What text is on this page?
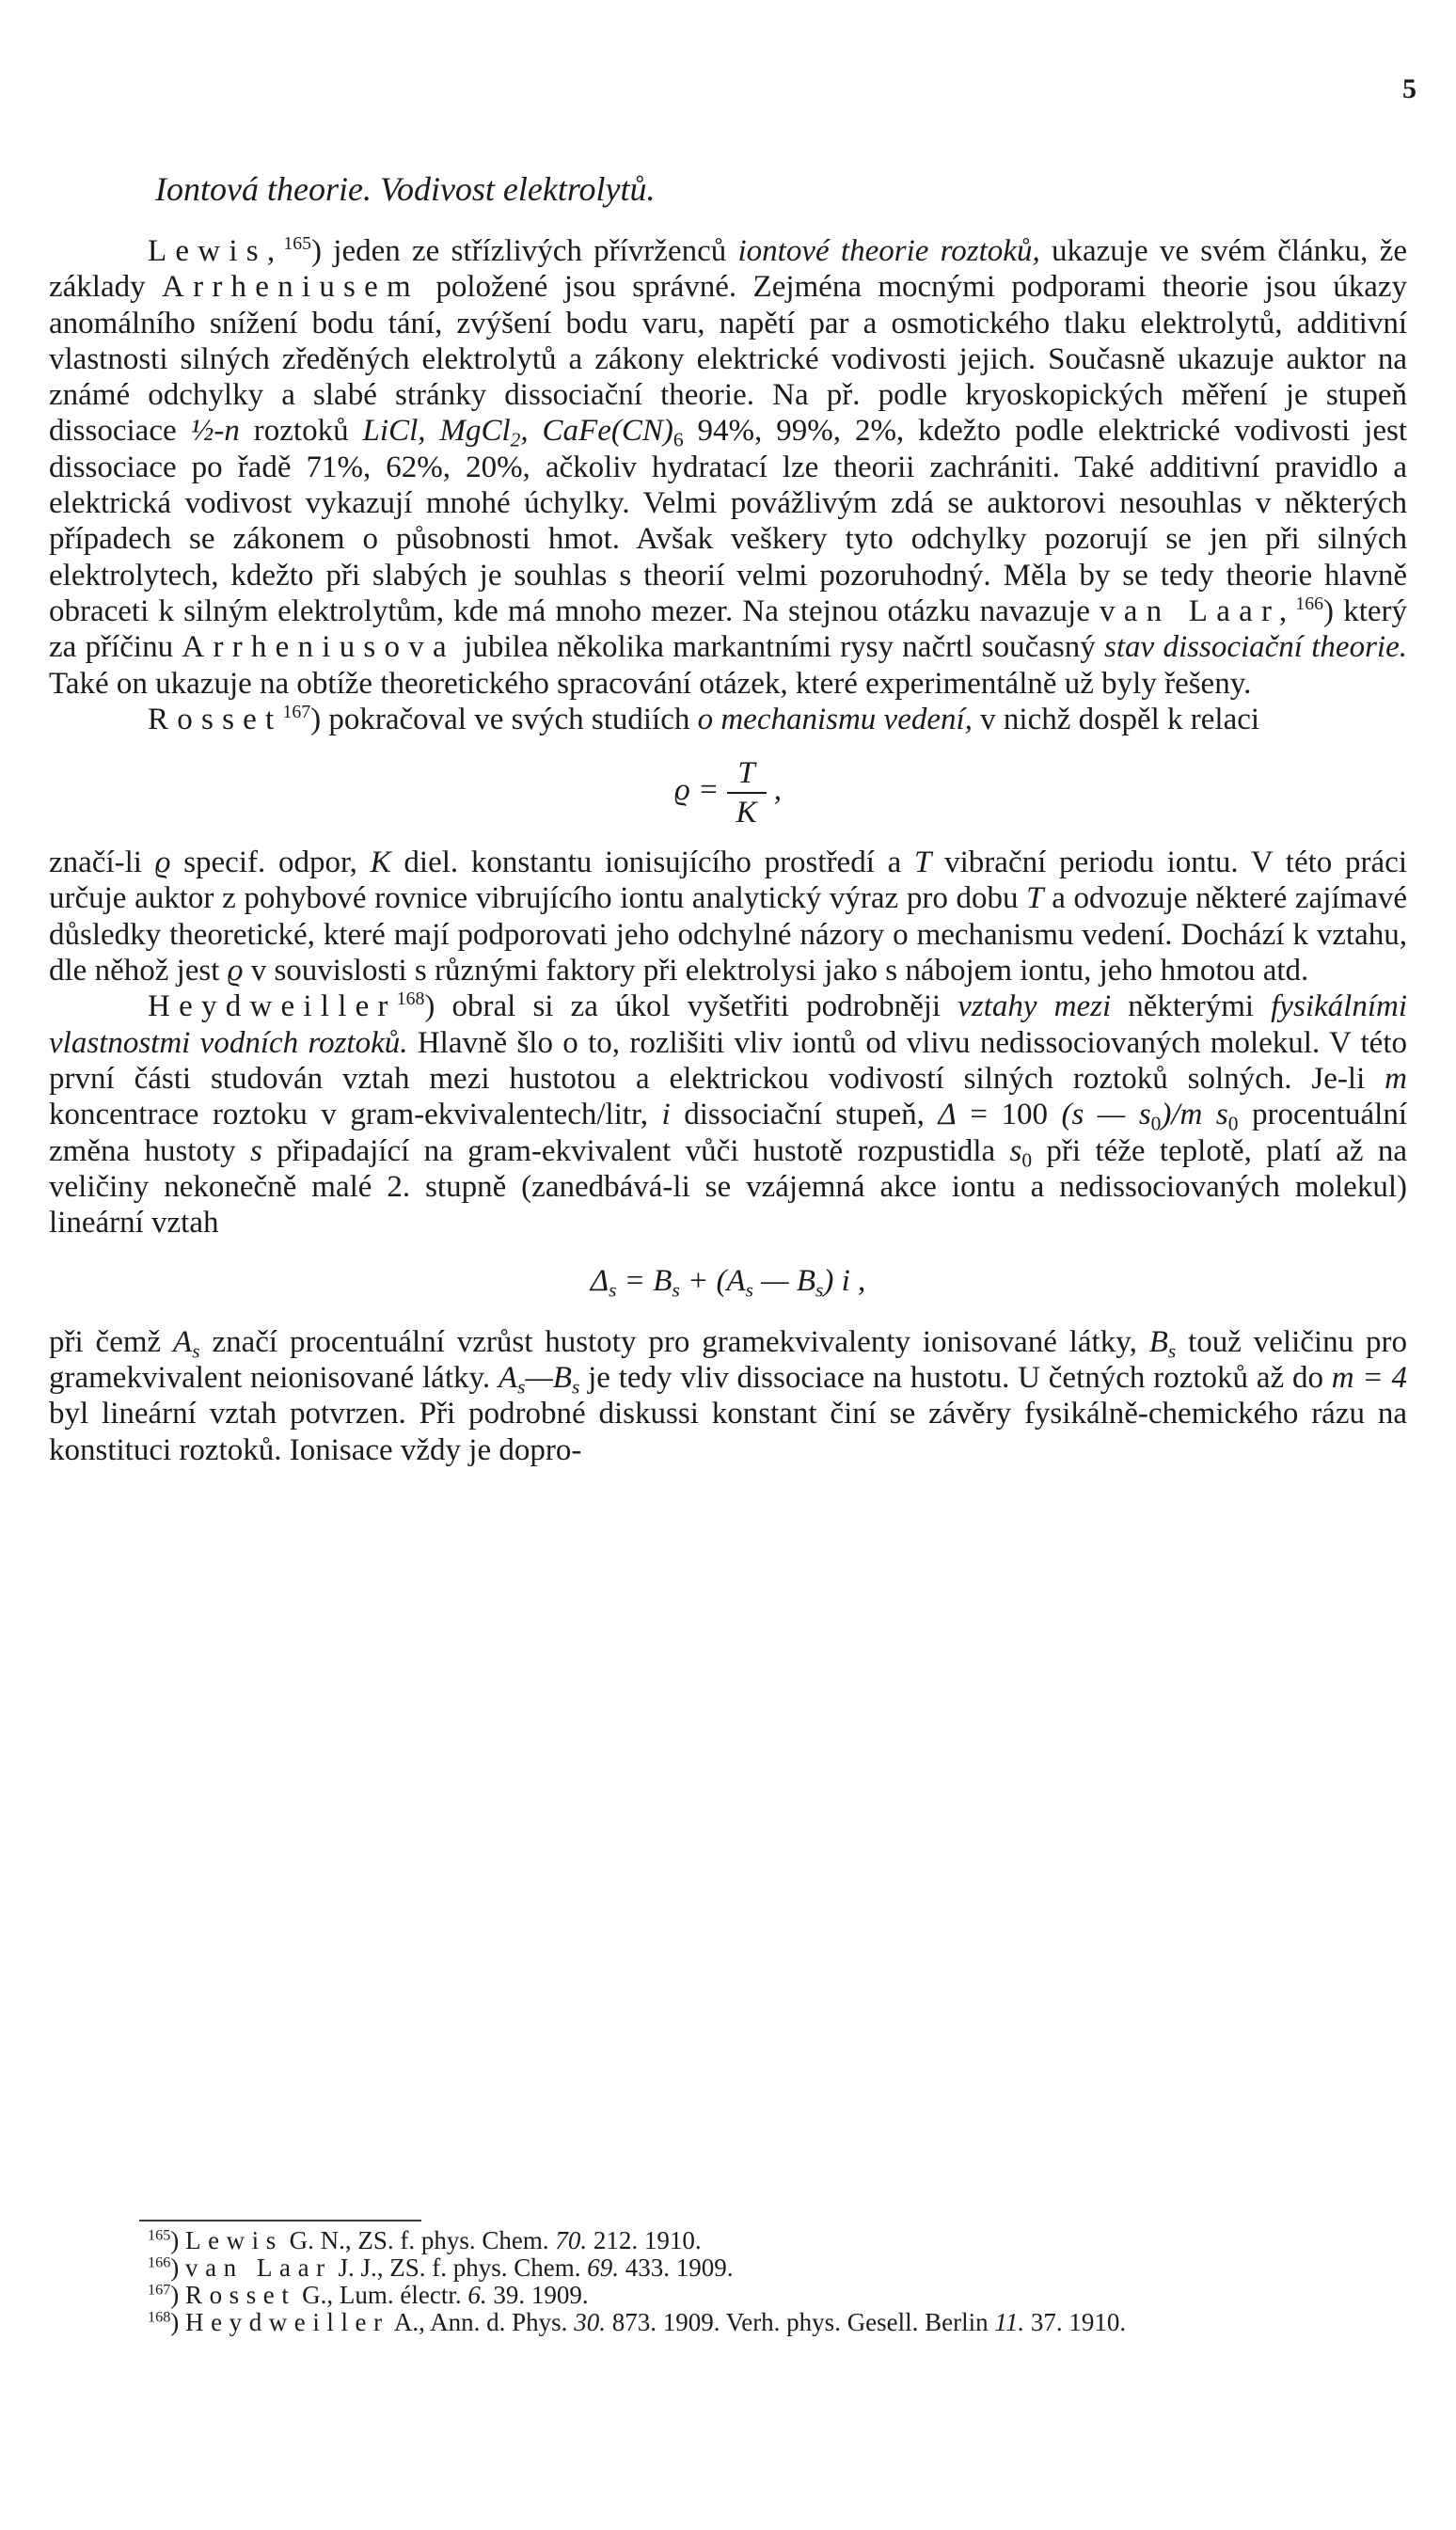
5
Iontová theorie. Vodivost elektrolytů.

Lewis,$^{165}$) jeden ze střízlivých přívrženců iontové theorie roztoků, ukazuje ve svém článku, že základy Arrheniusem položené jsou správné. Zejména mocnými podporami theorie jsou úkazy anomálního snížení bodu tání, zvýšení bodu varu, napětí par a osmotického tlaku elektrolytů, additivní vlastnosti silných zředěných elektrolytů a zákony elektrické vodivosti jejich. Současně ukazuje auktor na známé odchylky a slabé stránky dissociační theorie. Na př. podle kryoskopických měření je stupeň dissociace ½-n roztoků LiCl, MgCl$_2$, $CaFe(CN)_6$ 94%, 99%, 2%, kdežto podle elektrické vodivosti jest dissociace po řadě 71%, 62%, 20%, ačkoliv hydratací lze theorii zachrániti. Také additivní pravidlo a elektrická vodivost vykazují mnohé úchylky. Velmi povážlivým zdá se auktorovi nesouhlas v některých případech se zákonem o působnosti hmot. Avšak veškery tyto odchylky pozorují se jen při silných elektrolytech, kdežto při slabých je souhlas s theorií velmi pozoruhodný. Měla by se tedy theorie hlavně obraceti k silným elektrolytům, kde má mnoho mezer. Na stejnou otázku navazuje van Laar,$^{166}$) který za příčinu Arrheniusova jubilea několika markantními rysy načrtl současný stav dissociační theorie. Také on ukazuje na obtíže theoretického spracování otázek, které experimentálně už byly řešeny.

Rosset$^{167}$) pokračoval ve svých studiích o mechanismu vedení, v nichž dospěl k relaci

$ϱ = \frac{T}{K}$ ,

značí-li ϱ specif. odpor, K diel. konstantu ionisujícího prostředí a T vibrační periodu iontu. V této práci určuje auktor z pohybové rovnice vibrujícího iontu analytický výraz pro dobu T a odvozuje některé zajímavé důsledky theoretické, které mají podporovati jeho odchylné názory o mechanismu vedení. Dochází k vztahu, dle něhož jest ϱ v souvislosti s různými faktory při elektrolysi jako s nábojem iontu, jeho hmotou atd.

Heydweiller$^{168}$) obral si za úkol vyšetřiti podrobněji vztahy mezi některými fysikálními vlastnostmi vodních roztoků. Hlavně šlo o to, rozlišiti vliv iontů od vlivu nedissociovaných molekul. V této první části studován vztah mezi hustotou a elektrickou vodivostí silných roztoků solných. Je-li m koncentrace roztoku v gram-ekvivalentech/litr, i dissociační stupeň, Δ = 100 (s — $s_0)/m$ $s_0$ procentuální změna hustoty s připadající na gram-ekvivalent vůči hustotě rozpustidla $s_0$ při téže teplotě, platí až na veličiny nekonečně malé 2. stupně (zanedbává-li se vzájemná akce iontu a nedissociovaných molekul) lineární vztah

$\Delta_s = B_s + (A_s$ — $B_s$) i ,

při čemž $A_s$ značí procentuální vzrůst hustoty pro gramekvivalenty ionisované látky, $B_s$ touž veličinu pro gramekvivalent neionisované látky. $A_s—B_s$ je tedy vliv dissociace na hustotu. U četných roztoků až do m = 4 byl lineární vztah potvrzen. Při podrobné diskussi konstant činí se závěry fysikálně-chemického rázu na konstituci roztoků. Ionisace vždy je dopro-

$^{165}$) Lewis G. N., ZS. f. phys. Chem. 70. 212. 1910.

$^{166}$) van Laar J. J., ZS. f. phys. Chem. 69. 433. 1909.

$^{167}$) Rosset G., Lum. électr. 6. 39. 1909.

$^{168}$) Heydweiller A., Ann. d. Phys. 30. 873. 1909. Verh. phys. Gesell. Berlin 11. 37. 1910.
